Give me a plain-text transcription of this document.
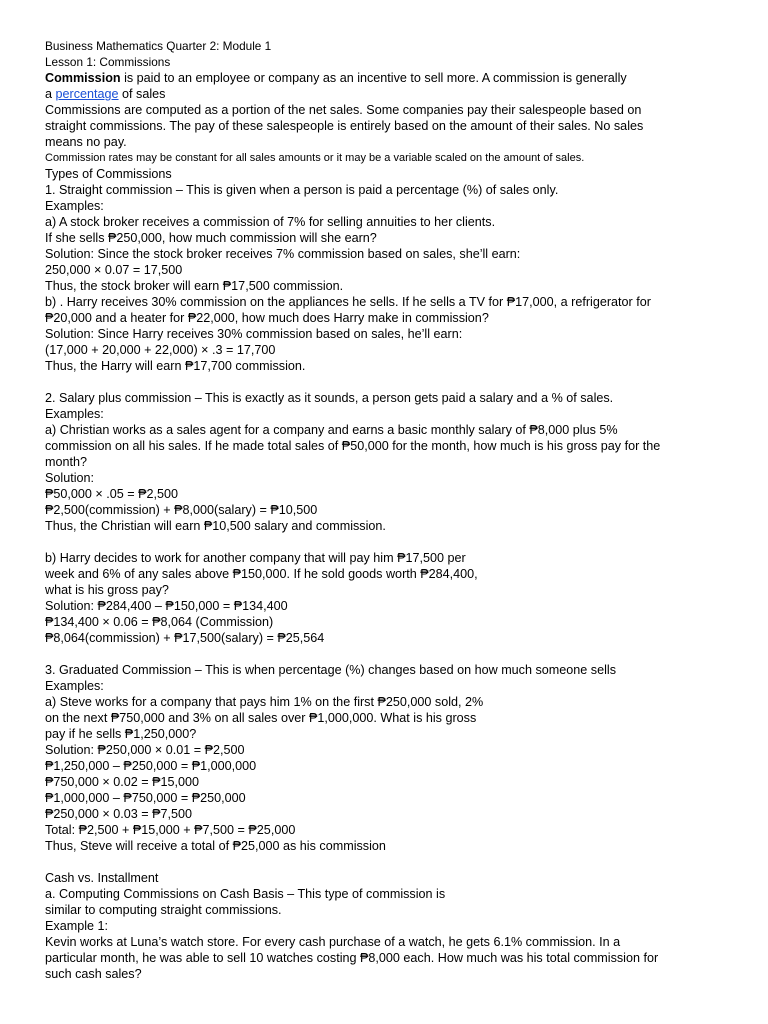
Business Mathematics Quarter 2: Module 1
Lesson 1: Commissions
Commission is paid to an employee or company as an incentive to sell more. A commission is generally
a percentage of sales
Commissions are computed as a portion of the net sales. Some companies pay their salespeople based on
straight commissions. The pay of these salespeople is entirely based on the amount of their sales. No sales
means no pay.
Commission rates may be constant for all sales amounts or it may be a variable scaled on the amount of sales.
Types of Commissions
1. Straight commission – This is given when a person is paid a percentage (%) of sales only.
Examples:
a) A stock broker receives a commission of 7% for selling annuities to her clients.
If she sells ₱250,000, how much commission will she earn?
Solution: Since the stock broker receives 7% commission based on sales, she’ll earn:
250,000 × 0.07 = 17,500
Thus, the stock broker will earn ₱17,500 commission.
b) . Harry receives 30% commission on the appliances he sells. If he sells a TV for ₱17,000, a refrigerator for
₱20,000 and a heater for ₱22,000, how much does Harry make in commission?
Solution: Since Harry receives 30% commission based on sales, he’ll earn:
(17,000 + 20,000 + 22,000) × .3 = 17,700
Thus, the Harry will earn ₱17,700 commission.
2. Salary plus commission – This is exactly as it sounds, a person gets paid a salary and a % of sales.
Examples:
a) Christian works as a sales agent for a company and earns a basic monthly salary of ₱8,000 plus 5%
commission on all his sales. If he made total sales of ₱50,000 for the month, how much is his gross pay for the
month?
Solution:
₱50,000 × .05 = ₱2,500
₱2,500(commission) + ₱8,000(salary) = ₱10,500
Thus, the Christian will earn ₱10,500 salary and commission.
b) Harry decides to work for another company that will pay him ₱17,500 per
week and 6% of any sales above ₱150,000. If he sold goods worth ₱284,400,
what is his gross pay?
Solution: ₱284,400 – ₱150,000 = ₱134,400
₱134,400 × 0.06 = ₱8,064 (Commission)
₱8,064(commission) + ₱17,500(salary) = ₱25,564
3. Graduated Commission – This is when percentage (%) changes based on how much someone sells
Examples:
a) Steve works for a company that pays him 1% on the first ₱250,000 sold, 2%
on the next ₱750,000 and 3% on all sales over ₱1,000,000. What is his gross
pay if he sells ₱1,250,000?
Solution: ₱250,000 × 0.01 = ₱2,500
₱1,250,000 – ₱250,000 = ₱1,000,000
₱750,000 × 0.02 = ₱15,000
₱1,000,000 – ₱750,000 = ₱250,000
₱250,000 × 0.03 = ₱7,500
Total: ₱2,500 + ₱15,000 + ₱7,500 = ₱25,000
Thus, Steve will receive a total of ₱25,000 as his commission
Cash vs. Installment
a. Computing Commissions on Cash Basis – This type of commission is
similar to computing straight commissions.
Example 1:
Kevin works at Luna’s watch store. For every cash purchase of a watch, he gets 6.1% commission. In a
particular month, he was able to sell 10 watches costing ₱8,000 each. How much was his total commission for
such cash sales?
